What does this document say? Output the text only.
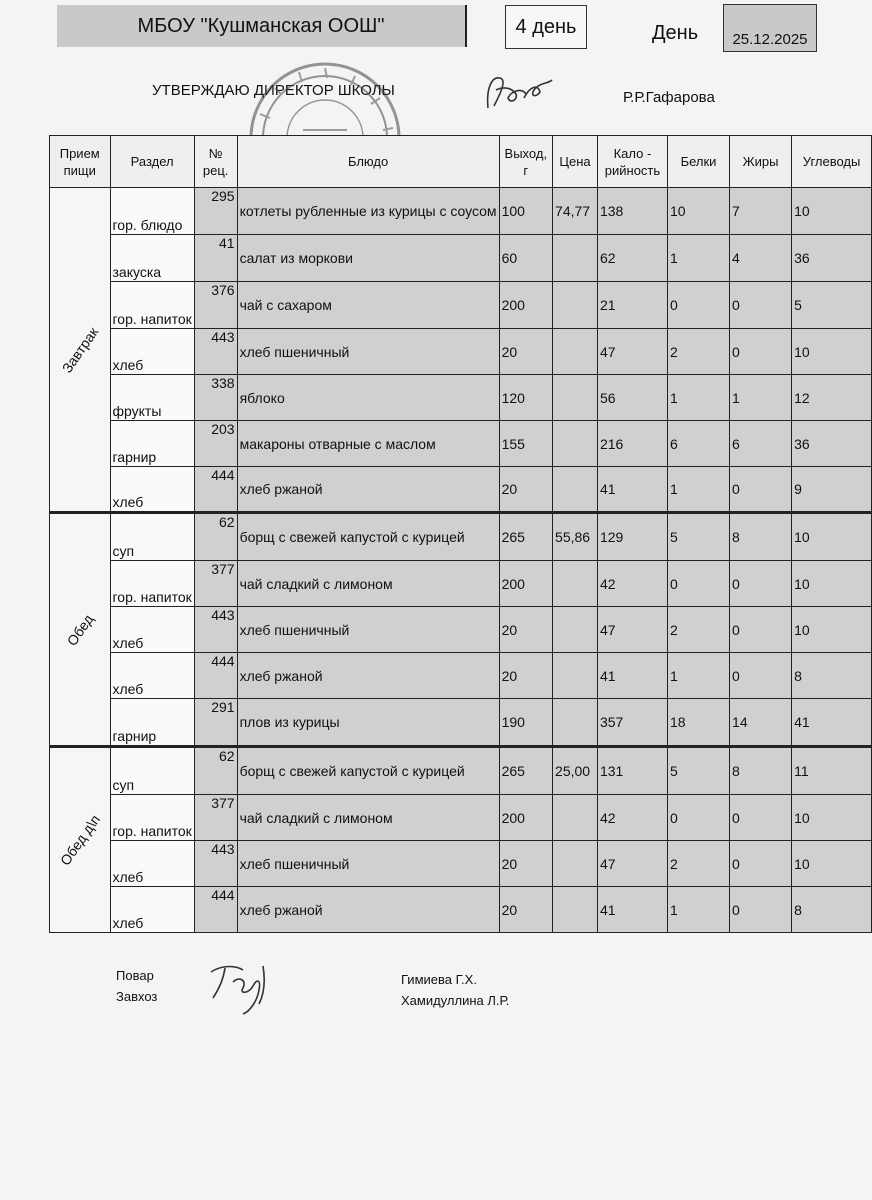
МБОУ "Кушманская ООШ"	4 день	День	25.12.2025
УТВЕРЖДАЮ ДИРЕКТОР ШКОЛЫ	Р.Р.Гафарова
Прием пищи	Раздел	№ рец.	Блюдо	Выход, г	Цена	Кало - рийность	Белки	Жиры	Углеводы

Завтрак	гор. блюдо	295	котлеты рубленные из курицы с соусом	100	74,77	138	10	7	10
	закуска	41	салат из моркови	60		62	1	4	36
	гор. напиток	376	чай с сахаром	200		21	0	0	5
	хлеб	443	хлеб пшеничный	20		47	2	0	10
	фрукты	338	яблоко	120		56	1	1	12
	гарнир	203	макароны отварные с маслом	155		216	6	6	36
	хлеб	444	хлеб ржаной	20		41	1	0	9

Обед	суп	62	борщ с свежей капустой с курицей	265	55,86	129	5	8	10
	гор. напиток	377	чай сладкий с лимоном	200		42	0	0	10
	хлеб	443	хлеб пшеничный	20		47	2	0	10
	хлеб	444	хлеб ржаной	20		41	1	0	8
	гарнир	291	плов из курицы	190		357	18	14	41

Обед д\п	суп	62	борщ с свежей капустой с курицей	265	25,00	131	5	8	11
	гор. напиток	377	чай сладкий с лимоном	200		42	0	0	10
	хлеб	443	хлеб пшеничный	20		47	2	0	10
	хлеб	444	хлеб ржаной	20		41	1	0	8
Повар
Завхоз
Гимиева Г.Х.
Хамидуллина Л.Р.
